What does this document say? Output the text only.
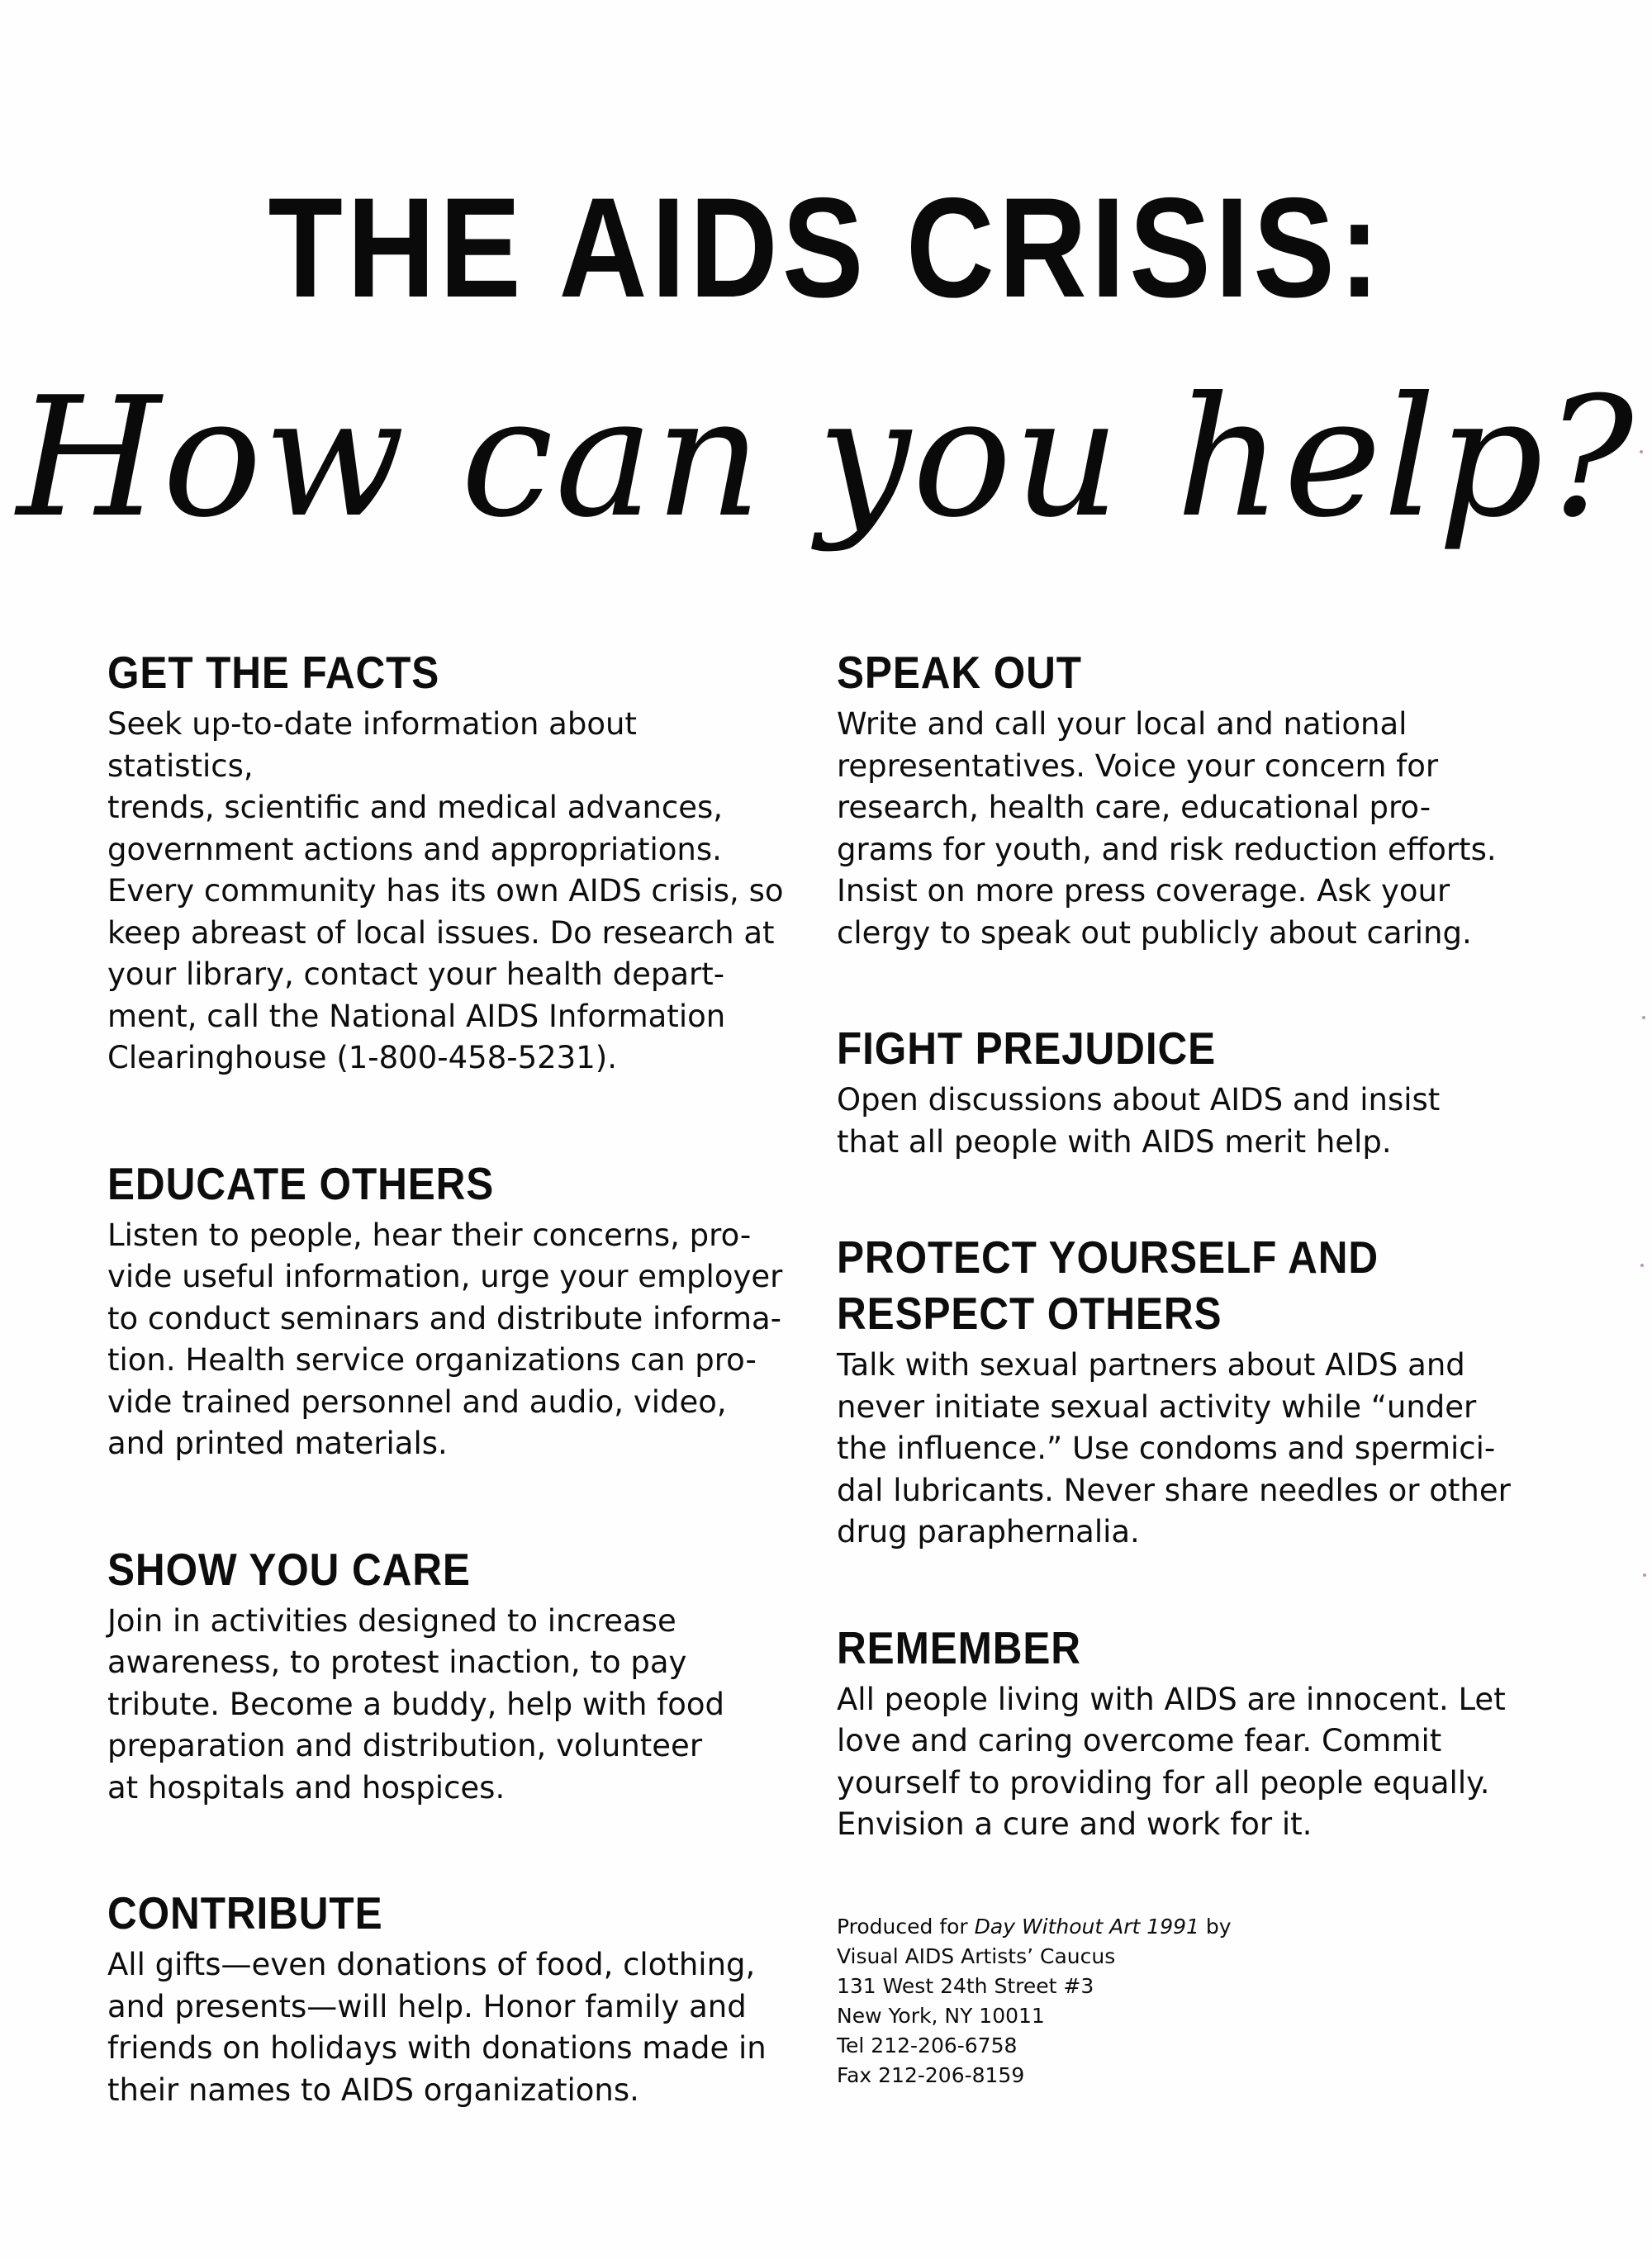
THE AIDS CRISIS:
How can you help?
GET THE FACTS

Seek up-to-date information about statistics,
trends, scientific and medical advances,
government actions and appropriations.
Every community has its own AIDS crisis, so
keep abreast of local issues. Do research at
your library, contact your health depart-
ment, call the National AIDS Information
Clearinghouse (1-800-458-5231).

EDUCATE OTHERS

Listen to people, hear their concerns, pro-
vide useful information, urge your employer
to conduct seminars and distribute informa-
tion. Health service organizations can pro-
vide trained personnel and audio, video,
and printed materials.

SHOW YOU CARE

Join in activities designed to increase
awareness, to protest inaction, to pay
tribute. Become a buddy, help with food
preparation and distribution, volunteer
at hospitals and hospices.

CONTRIBUTE

All gifts—even donations of food, clothing,
and presents—will help. Honor family and
friends on holidays with donations made in
their names to AIDS organizations.

SPEAK OUT

Write and call your local and national
representatives. Voice your concern for
research, health care, educational pro-
grams for youth, and risk reduction efforts.
Insist on more press coverage. Ask your
clergy to speak out publicly about caring.

FIGHT PREJUDICE

Open discussions about AIDS and insist
that all people with AIDS merit help.

PROTECT YOURSELF AND
RESPECT OTHERS

Talk with sexual partners about AIDS and
never initiate sexual activity while “under
the influence.” Use condoms and spermici-
dal lubricants. Never share needles or other
drug paraphernalia.

REMEMBER

All people living with AIDS are innocent. Let
love and caring overcome fear. Commit
yourself to providing for all people equally.
Envision a cure and work for it.

Produced for Day Without Art 1991 by
Visual AIDS Artists’ Caucus
131 West 24th Street #3
New York, NY 10011
Tel 212-206-6758
Fax 212-206-8159
